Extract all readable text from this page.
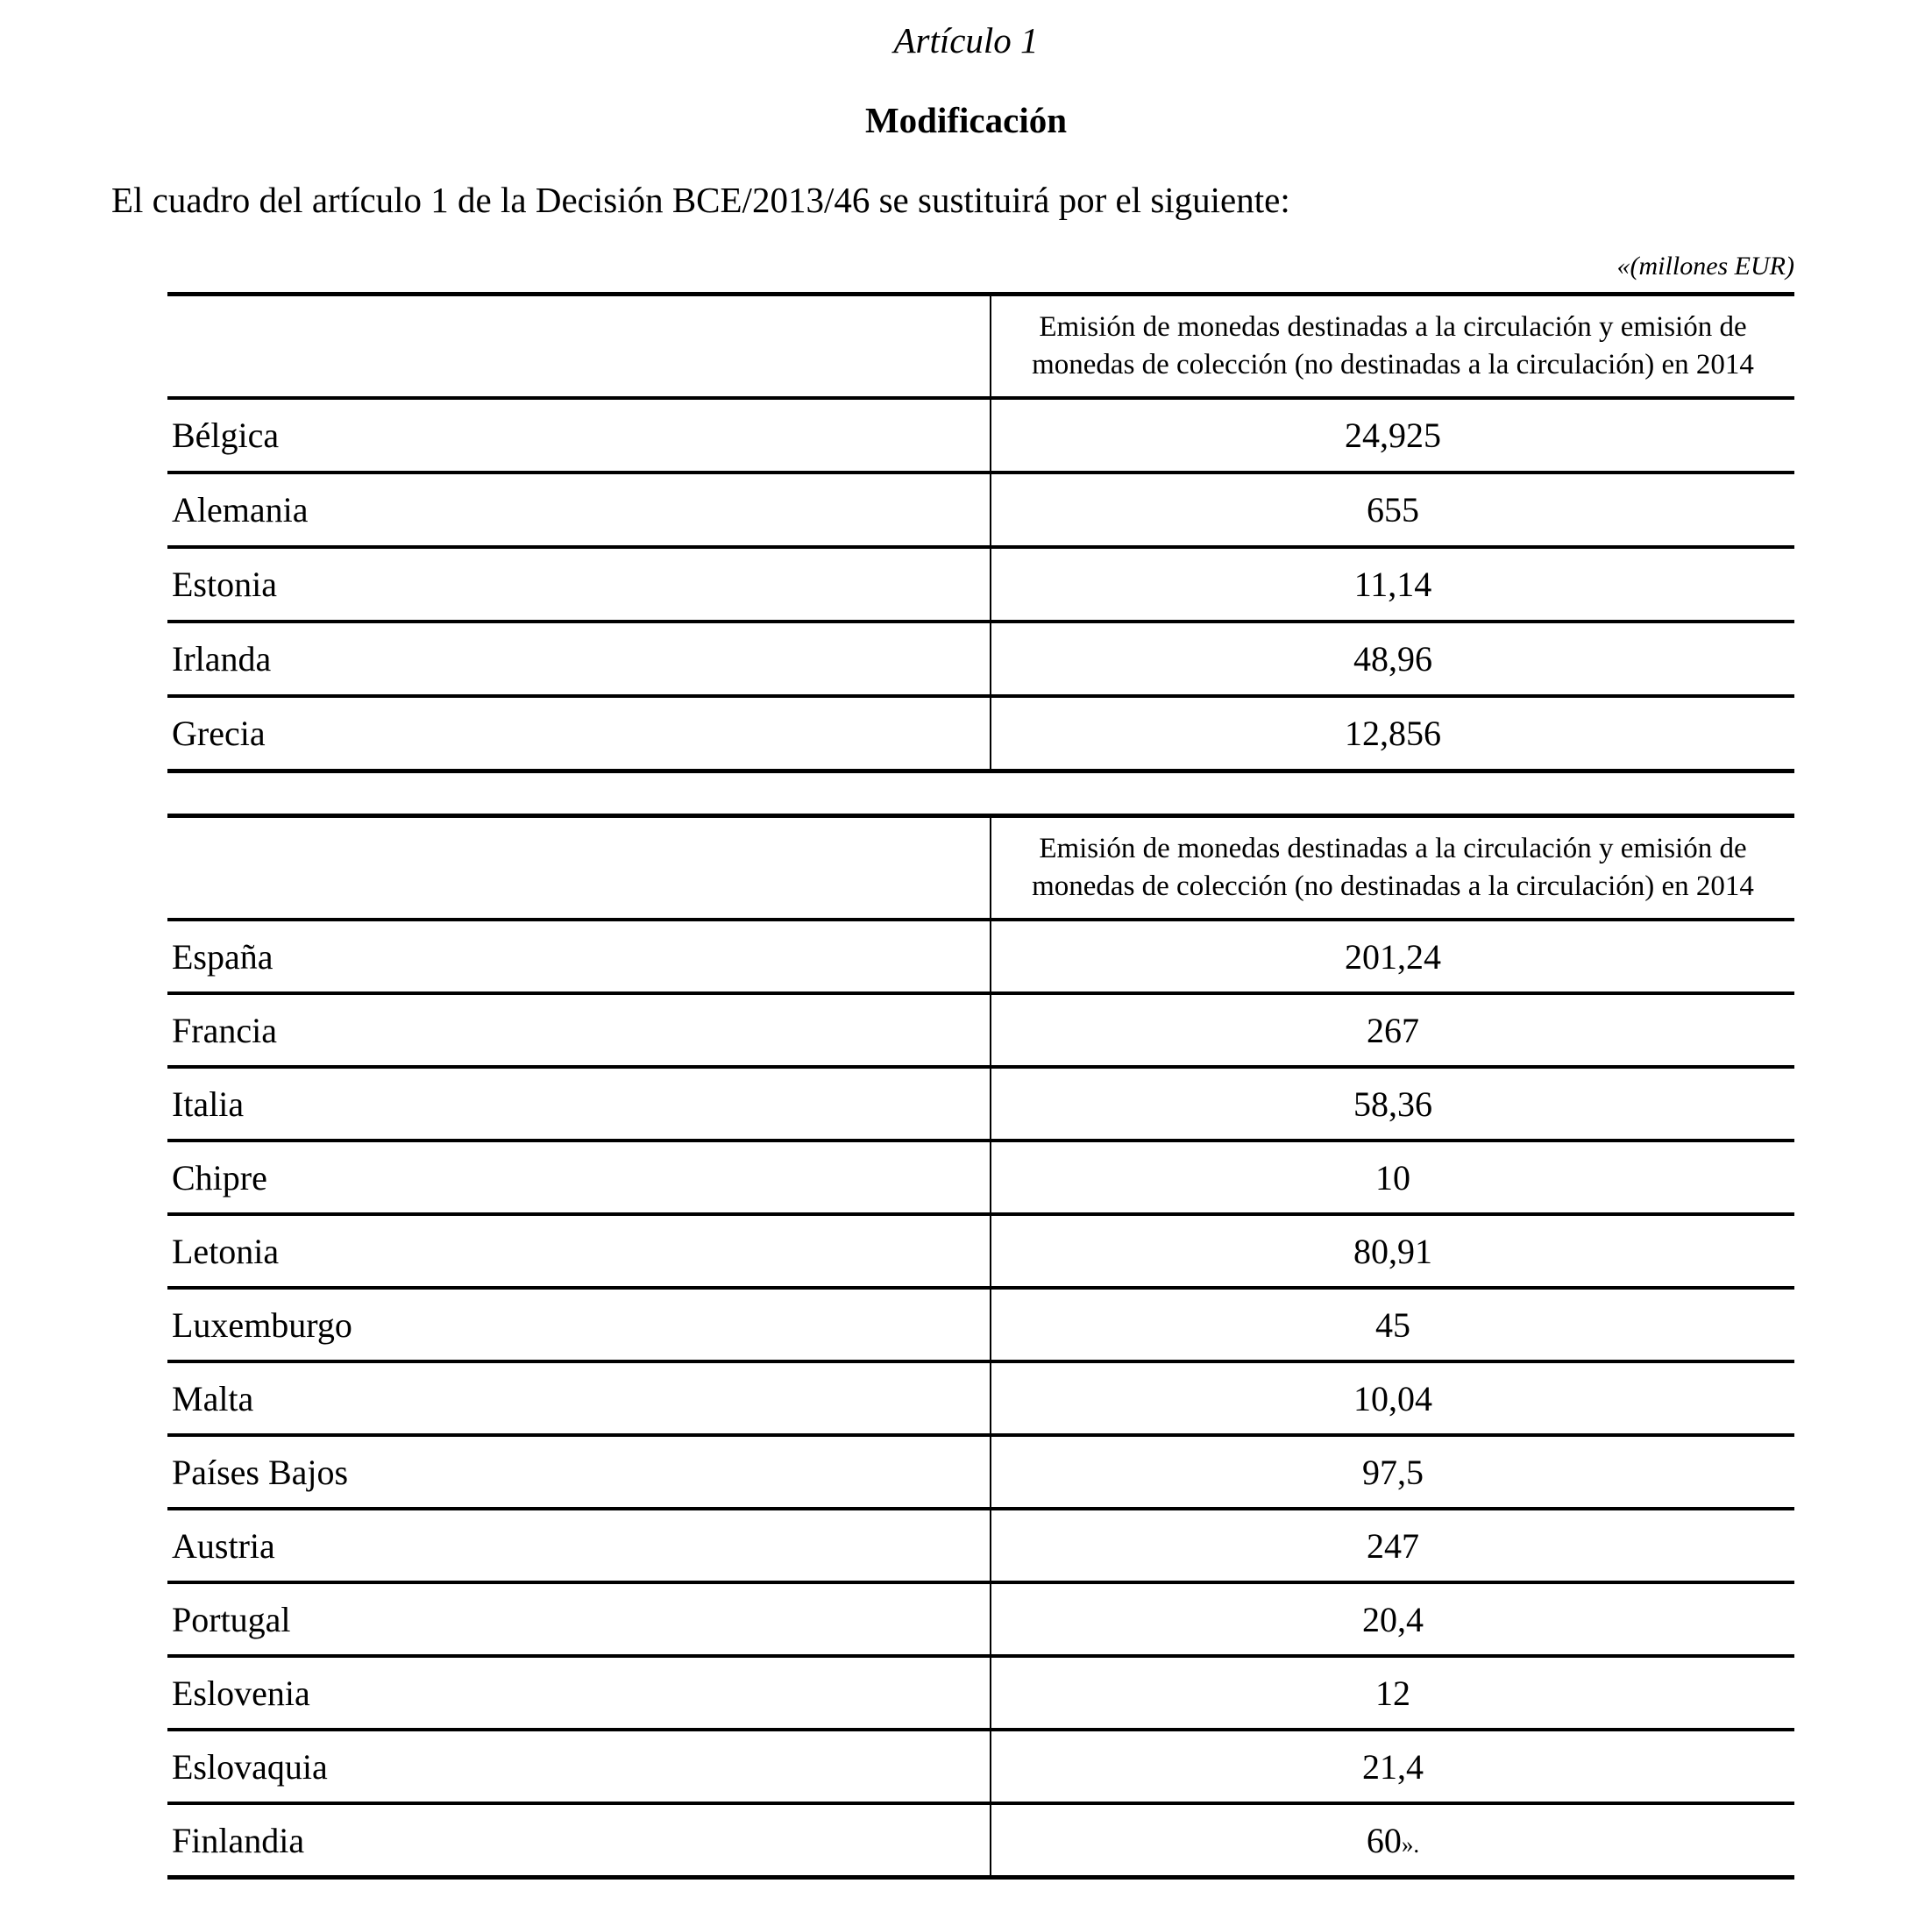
Artículo 1
Modificación

El cuadro del artículo 1 de la Decisión BCE/2013/46 se sustituirá por el siguiente:

«(millones EUR)

	Emisión de monedas destinadas a la circulación y emisión de
monedas de colección (no destinadas a la circulación) en 2014

Bélgica	24,925
Alemania	655
Estonia	11,14
Irlanda	48,96
Grecia	12,856

	Emisión de monedas destinadas a la circulación y emisión de
monedas de colección (no destinadas a la circulación) en 2014

España	201,24
Francia	267
Italia	58,36
Chipre	10
Letonia	80,91
Luxemburgo	45
Malta	10,04
Países Bajos	97,5
Austria	247
Portugal	20,4
Eslovenia	12
Eslovaquia	21,4
Finlandia	60».
